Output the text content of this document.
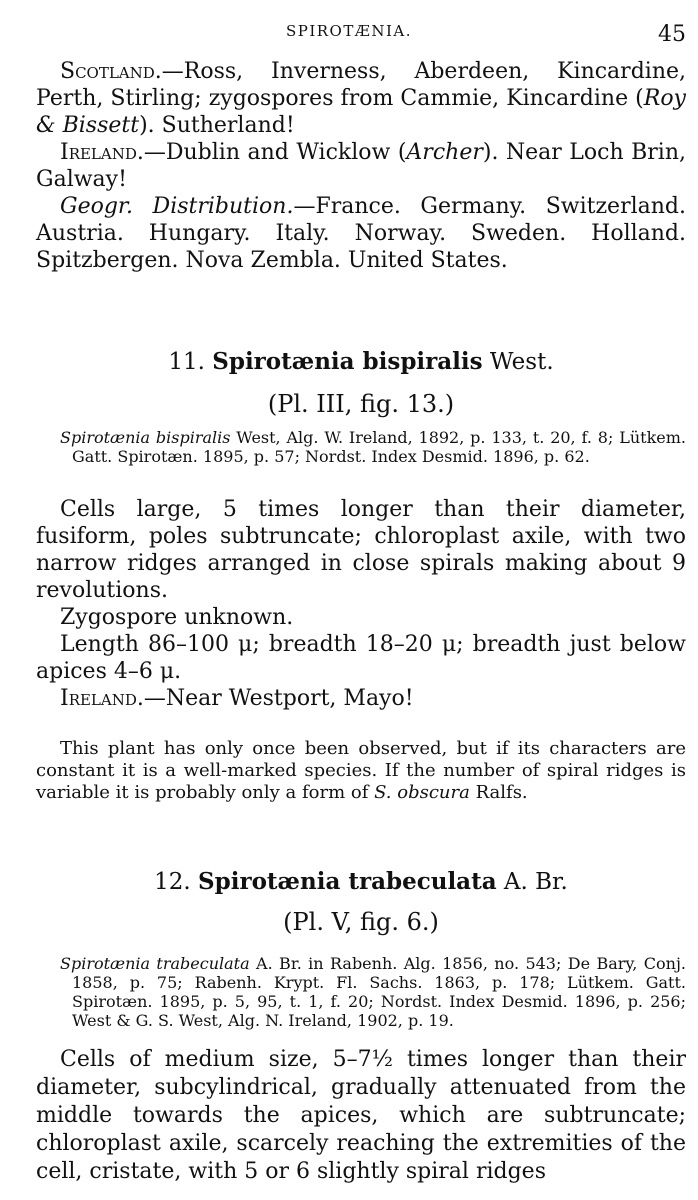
SPIROTÆNIA.	45

Scotland.—Ross, Inverness, Aberdeen, Kincardine, Perth, Stirling; zygospores from Cammie, Kincardine (Roy & Bissett). Sutherland!

Ireland.—Dublin and Wicklow (Archer). Near Loch Brin, Galway!

Geogr. Distribution.—France. Germany. Switzerland. Austria. Hungary. Italy. Norway. Sweden. Holland. Spitzbergen. Nova Zembla. United States.

11. Spirotænia bispiralis West.
(Pl. III, fig. 13.)
Spirotænia bispiralis West, Alg. W. Ireland, 1892, p. 133, t. 20, f. 8; Lütkem. Gatt. Spirotæn. 1895, p. 57; Nordst. Index Desmid. 1896, p. 62.

Cells large, 5 times longer than their diameter, fusiform, poles subtruncate; chloroplast axile, with two narrow ridges arranged in close spirals making about 9 revolutions.

Zygospore unknown.

Length 86–100 μ; breadth 18–20 μ; breadth just below apices 4–6 μ.

Ireland.—Near Westport, Mayo!

This plant has only once been observed, but if its characters are constant it is a well-marked species. If the number of spiral ridges is variable it is probably only a form of S. obscura Ralfs.

12. Spirotænia trabeculata A. Br.
(Pl. V, fig. 6.)
Spirotænia trabeculata A. Br. in Rabenh. Alg. 1856, no. 543; De Bary, Conj. 1858, p. 75; Rabenh. Krypt. Fl. Sachs. 1863, p. 178; Lütkem. Gatt. Spirotæn. 1895, p. 5, 95, t. 1, f. 20; Nordst. Index Desmid. 1896, p. 256; West & G. S. West, Alg. N. Ireland, 1902, p. 19.

Cells of medium size, 5–7½ times longer than their diameter, subcylindrical, gradually attenuated from the middle towards the apices, which are subtruncate; chloroplast axile, scarcely reaching the extremities of the cell, cristate, with 5 or 6 slightly spiral ridges
